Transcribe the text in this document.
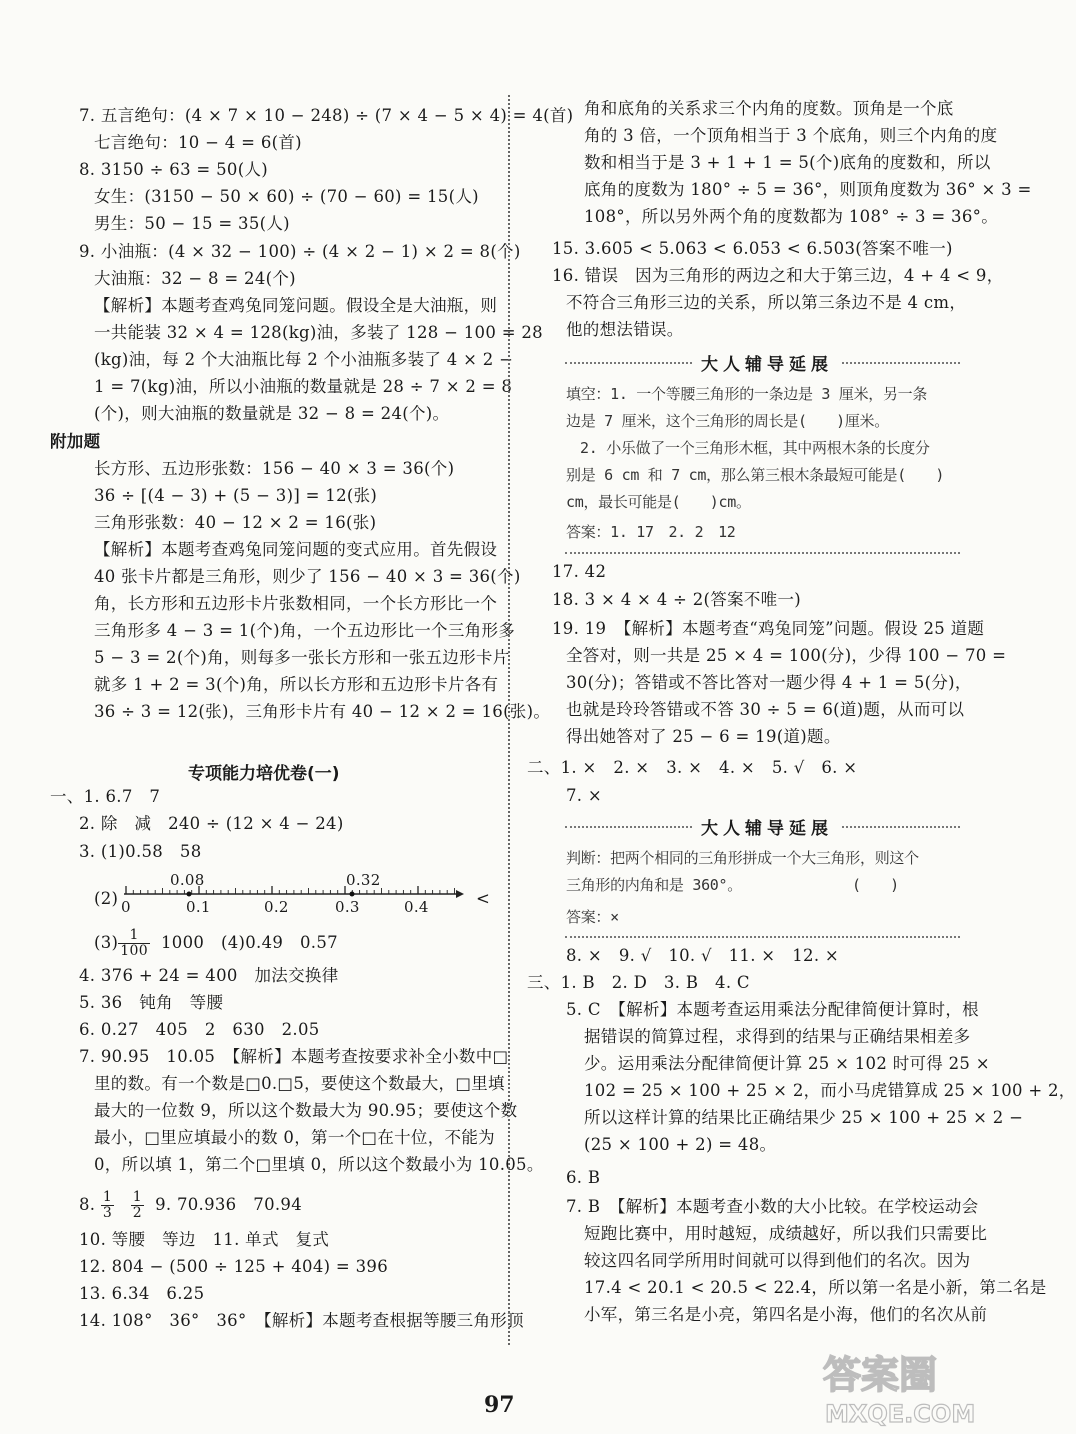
7. 五言绝句：(4 × 7 × 10 − 248) ÷ (7 × 4 − 5 × 4) = 4(首)
七言绝句：10 − 4 = 6(首)
8. 3150 ÷ 63 = 50(人)
女生：(3150 − 50 × 60) ÷ (70 − 60) = 15(人)
男生：50 − 15 = 35(人)
9. 小油瓶：(4 × 32 − 100) ÷ (4 × 2 − 1) × 2 = 8(个)
大油瓶：32 − 8 = 24(个)
【解析】本题考查鸡兔同笼问题。假设全是大油瓶，则
一共能装 32 × 4 = 128(kg)油，多装了 128 − 100 = 28
(kg)油，每 2 个大油瓶比每 2 个小油瓶多装了 4 × 2 −
1 = 7(kg)油，所以小油瓶的数量就是 28 ÷ 7 × 2 = 8
(个)，则大油瓶的数量就是 32 − 8 = 24(个)。
附加题
长方形、五边形张数：156 − 40 × 3 = 36(个)
36 ÷ [(4 − 3) + (5 − 3)] = 12(张)
三角形张数：40 − 12 × 2 = 16(张)
【解析】本题考查鸡兔同笼问题的变式应用。首先假设
40 张卡片都是三角形，则少了 156 − 40 × 3 = 36(个)
角，长方形和五边形卡片张数相同，一个长方形比一个
三角形多 4 − 3 = 1(个)角，一个五边形比一个三角形多
5 − 3 = 2(个)角，则每多一张长方形和一张五边形卡片
就多 1 + 2 = 3(个)角，所以长方形和五边形卡片各有
36 ÷ 3 = 12(张)，三角形卡片有 40 − 12 × 2 = 16(张)。
专项能力培优卷(一)
一、1. 6.7　7
2. 除　减　240 ÷ (12 × 4 − 24)
3. (1)0.58　58
(2)
0.08	0.32
0	0.1	0.2	0.3	0.4	<
$(3) \frac{1}{100} 1000$　(4)0.49　0.57
4. 376 + 24 = 400　加法交换律
5. 36　钝角　等腰
6. 0.27　405　2　630　2.05
7. 90.95　10.05　【解析】本题考查按要求补全小数中□
里的数。有一个数是□0.□5，要使这个数最大，□里填
最大的一位数 9，所以这个数最大为 90.95；要使这个数
最小，□里应填最小的数 0，第一个□在十位，不能为
0，所以填 1，第二个□里填 0，所以这个数最小为 10.05。
8. $\frac{1}{3}$
$\frac{1}{2} 9$. 70.936　70.94
10. 等腰　等边　11. 单式　复式
12. 804 − (500 ÷ 125 + 404) = 396
13. 6.34　6.25
14. 108°　36°　36°　【解析】本题考查根据等腰三角形顶
角和底角的关系求三个内角的度数。顶角是一个底
角的 3 倍，一个顶角相当于 3 个底角，则三个内角的度
数和相当于是 3 + 1 + 1 = 5(个)底角的度数和，所以
底角的度数为 180° ÷ 5 = 36°，则顶角度数为 36° × 3 =
108°，所以另外两个角的度数都为 108° ÷ 3 = 36°。
15. 3.605 < 5.063 < 6.053 < 6.503(答案不唯一)
16. 错误　因为三角形的两边之和大于第三边，4 + 4 < 9，
不符合三角形三边的关系，所以第三条边不是 4 cm，
他的想法错误。
大人辅导延展
填空：1. 一个等腰三角形的一条边是 3 厘米，另一条
边是 7 厘米，这个三角形的周长是(　　)厘米。
2. 小乐做了一个三角形木框，其中两根木条的长度分
别是 6 cm 和 7 cm，那么第三根木条最短可能是(　　)
cm，最长可能是(　　)cm。
答案：1. 17　2. 2　12
17. 42
18. 3 × 4 × 4 ÷ 2(答案不唯一)
19. 19　【解析】本题考查“鸡兔同笼”问题。假设 25 道题
全答对，则一共是 25 × 4 = 100(分)，少得 100 − 70 =
30(分)；答错或不答比答对一题少得 4 + 1 = 5(分)，
也就是玲玲答错或不答 30 ÷ 5 = 6(道)题，从而可以
得出她答对了 25 − 6 = 19(道)题。
二、1. ×　2. ×　3. ×　4. ×　5. √　6. ×
7. ×
大人辅导延展
判断：把两个相同的三角形拼成一个大三角形，则这个
三角形的内角和是 360°。　　　　　　　　(　　)
答案：×
8. ×　9. √　10. √　11. ×　12. ×
三、1. B　2. D　3. B　4. C
5. C　【解析】本题考查运用乘法分配律简便计算时，根
据错误的简算过程，求得到的结果与正确结果相差多
少。运用乘法分配律简便计算 25 × 102 时可得 25 ×
102 = 25 × 100 + 25 × 2，而小马虎错算成 25 × 100 + 2，
所以这样计算的结果比正确结果少 25 × 100 + 25 × 2 −
(25 × 100 + 2) = 48。
6. B
7. B　【解析】本题考查小数的大小比较。在学校运动会
短跑比赛中，用时越短，成绩越好，所以我们只需要比
较这四名同学所用时间就可以得到他们的名次。因为
17.4 < 20.1 < 20.5 < 22.4，所以第一名是小新，第二名是
小军，第三名是小亮，第四名是小海，他们的名次从前
97
答案圈
MXQE.COM
